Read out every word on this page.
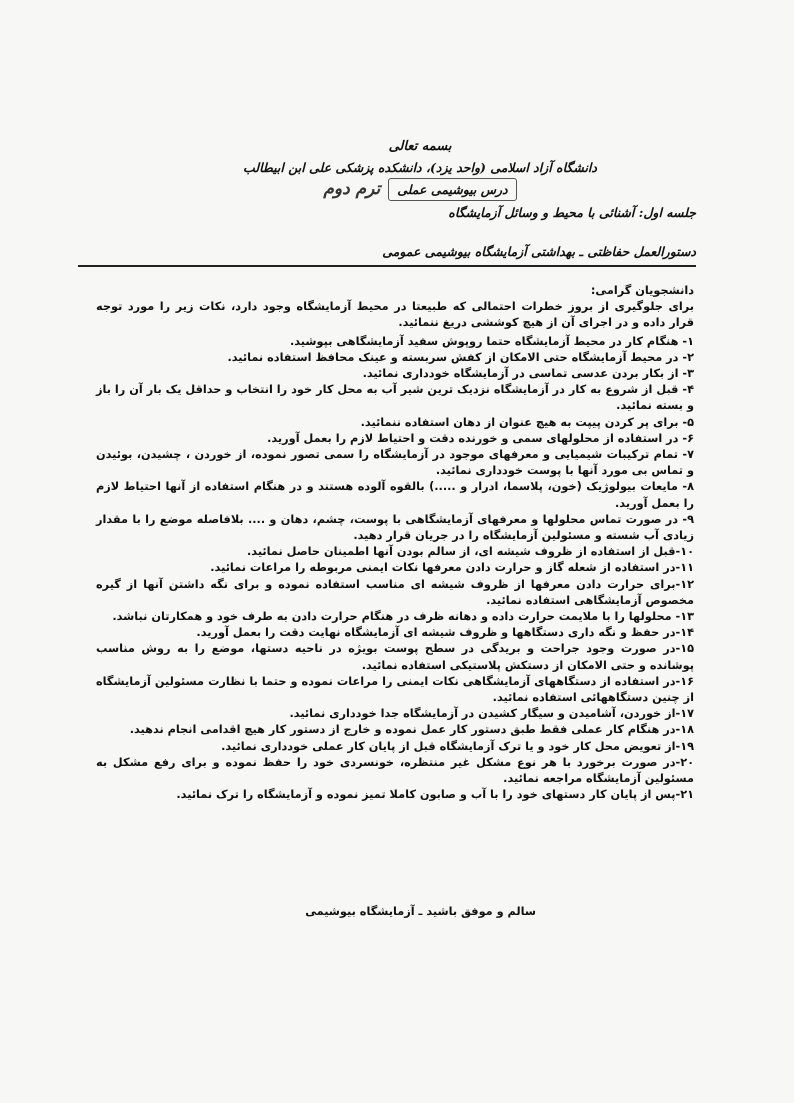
بسمه تعالی
دانشگاه آزاد اسلامی (واحد یزد)، دانشکده پزشکی علی ابن ابیطالب
درس بیوشیمی عملیترم دوم
جلسه اول: آشنائی با محیط و وسائل آزمایشگاه
دستورالعمل حفاظتی ـ بهداشتی آزمایشگاه بیوشیمی عمومی

دانشجویان گرامی:

برای جلوگیری از بروز خطرات احتمالی که طبیعتا در محیط آزمایشگاه وجود دارد، نکات زیر را مورد توجه قرار داده و در اجرای آن از هیچ کوششی دریغ ننمائید.

۱- هنگام کار در محیط آزمایشگاه حتما روپوش سفید آزمایشگاهی بپوشید.
۲- در محیط آزمایشگاه حتی الامکان از کفش سربسته و عینک محافظ استفاده نمائید.
۳- از بکار بردن عدسی تماسی در آزمایشگاه خودداری نمائید.
۴- قبل از شروع به کار در آزمایشگاه نزدیک ترین شیر آب به محل کار خود را انتخاب و حداقل یک بار آن را باز و بسته نمائید.
۵- برای پر کردن پیپت به هیچ عنوان از دهان استفاده ننمائید.
۶- در استفاده از محلولهای سمی و خورنده دقت و احتیاط لازم را بعمل آورید.
۷- تمام ترکیبات شیمیایی و معرفهای موجود در آزمایشگاه را سمی تصور نموده، از خوردن ، چشیدن، بوئیدن و تماس بی مورد آنها با پوست خودداری نمائید.
۸- مایعات بیولوژیک (خون، پلاسما، ادرار و .....) بالقوه آلوده هستند و در هنگام استفاده از آنها احتیاط لازم را بعمل آورید.
۹- در صورت تماس محلولها و معرفهای آزمایشگاهی با پوست، چشم، دهان و .... بلافاصله موضع را با مقدار زیادی آب شسته و مسئولین آزمایشگاه را در جریان قرار دهید.
۱۰-قبل از استفاده از ظروف شیشه ای، از سالم بودن آنها اطمینان حاصل نمائید.
۱۱-در استفاده از شعله گاز و حرارت دادن معرفها نکات ایمنی مربوطه را مراعات نمائید.
۱۲-برای حرارت دادن معرفها از ظروف شیشه ای مناسب استفاده نموده و برای نگه داشتن آنها از گیره مخصوص آزمایشگاهی استفاده نمائید.
۱۳- محلولها را با ملایمت حرارت داده و دهانه ظرف در هنگام حرارت دادن به طرف خود و همکارتان نباشد.
۱۴-در حفظ و نگه داری دستگاهها و ظروف شیشه ای آزمایشگاه نهایت دقت را بعمل آورید.
۱۵-در صورت وجود جراحت و بریدگی در سطح پوست بویژه در ناحیه دستها، موضع را به روش مناسب پوشانده و حتی الامکان از دستکش پلاستیکی استفاده نمائید.
۱۶-در استفاده از دستگاههای آزمایشگاهی نکات ایمنی را مراعات نموده و حتما با نظارت مسئولین آزمایشگاه از چنین دستگاههائی استفاده نمائید.
۱۷-از خوردن، آشامیدن و سیگار کشیدن در آزمایشگاه جدا خودداری نمائید.
۱۸-در هنگام کار عملی فقط طبق دستور کار عمل نموده و خارج از دستور کار هیچ اقدامی انجام ندهید.
۱۹-از تعویض محل کار خود و یا ترک آزمایشگاه قبل از پایان کار عملی خودداری نمائید.
۲۰-در صورت برخورد با هر نوع مشکل غیر منتظره، خونسردی خود را حفظ نموده و برای رفع مشکل به مسئولین آزمایشگاه مراجعه نمائید.
۲۱-پس از پایان کار دستهای خود را با آب و صابون کاملا تمیز نموده و آزمایشگاه را ترک نمائید.
سالم و موفق باشید ـ آزمایشگاه بیوشیمی
